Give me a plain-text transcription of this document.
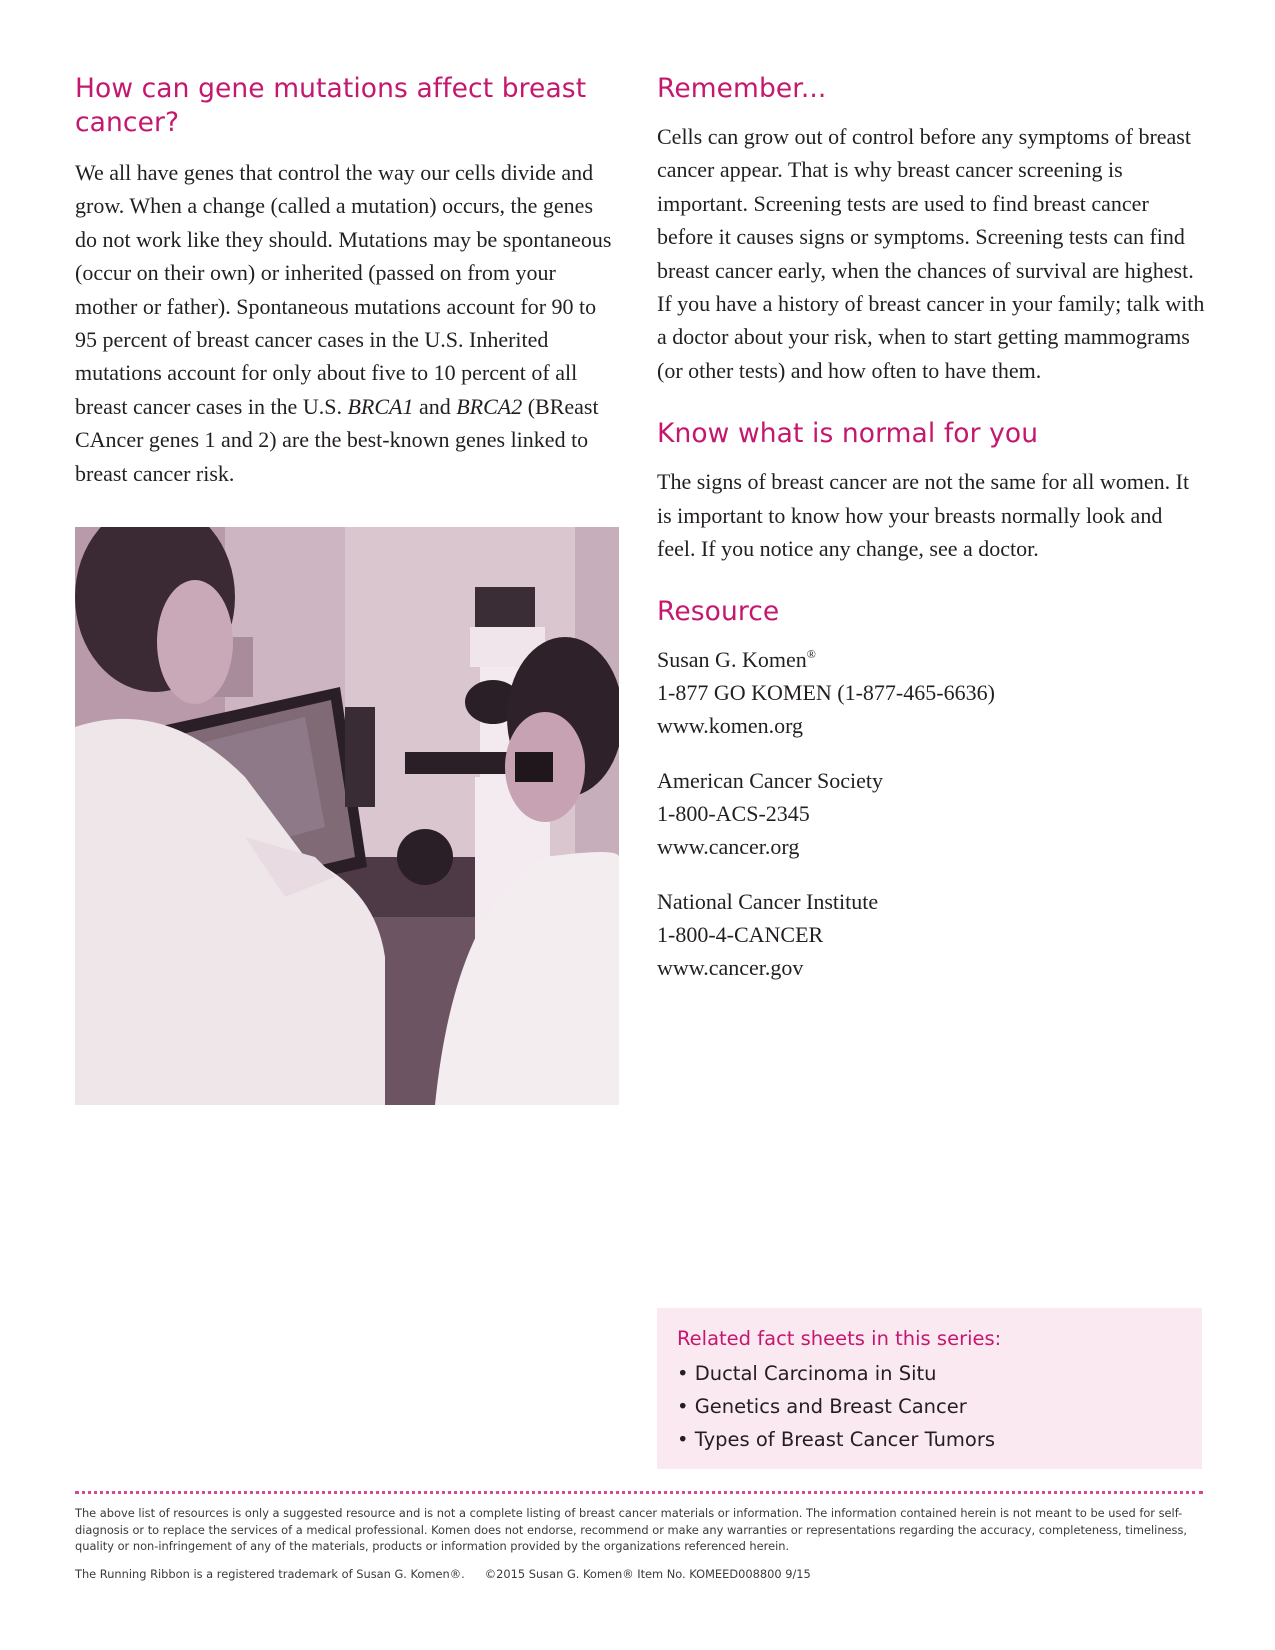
How can gene mutations affect breast cancer?

We all have genes that control the way our cells divide and grow. When a change (called a mutation) occurs, the genes do not work like they should. Mutations may be spontaneous (occur on their own) or inherited (passed on from your mother or father). Spontaneous mutations account for 90 to 95 percent of breast cancer cases in the U.S. Inherited mutations account for only about five to 10 percent of all breast cancer cases in the U.S. BRCA1 and BRCA2 (BReast CAncer genes 1 and 2) are the best-known genes linked to breast cancer risk.

Remember...

Cells can grow out of control before any symptoms of breast cancer appear. That is why breast cancer screening is important. Screening tests are used to find breast cancer before it causes signs or symptoms. Screening tests can find breast cancer early, when the chances of survival are highest. If you have a history of breast cancer in your family; talk with a doctor about your risk, when to start getting mammograms (or other tests) and how often to have them.

Know what is normal for you

The signs of breast cancer are not the same for all women. It is important to know how your breasts normally look and feel. If you notice any change, see a doctor.

Resource
Susan G. Komen®
1-877 GO KOMEN (1-877-465-6636)
www.komen.org
American Cancer Society
1-800-ACS-2345
www.cancer.org
National Cancer Institute
1-800-4-CANCER
www.cancer.gov
Related fact sheets in this series:
• Ductal Carcinoma in Situ
• Genetics and Breast Cancer
• Types of Breast Cancer Tumors
The above list of resources is only a suggested resource and is not a complete listing of breast cancer materials or information. The information contained herein is not meant to be used for self-diagnosis or to replace the services of a medical professional. Komen does not endorse, recommend or make any warranties or representations regarding the accuracy, completeness, timeliness, quality or non-infringement of any of the materials, products or information provided by the organizations referenced herein.
The Running Ribbon is a registered trademark of Susan G. Komen®. ©2015 Susan G. Komen® Item No. KOMEED008800 9/15
